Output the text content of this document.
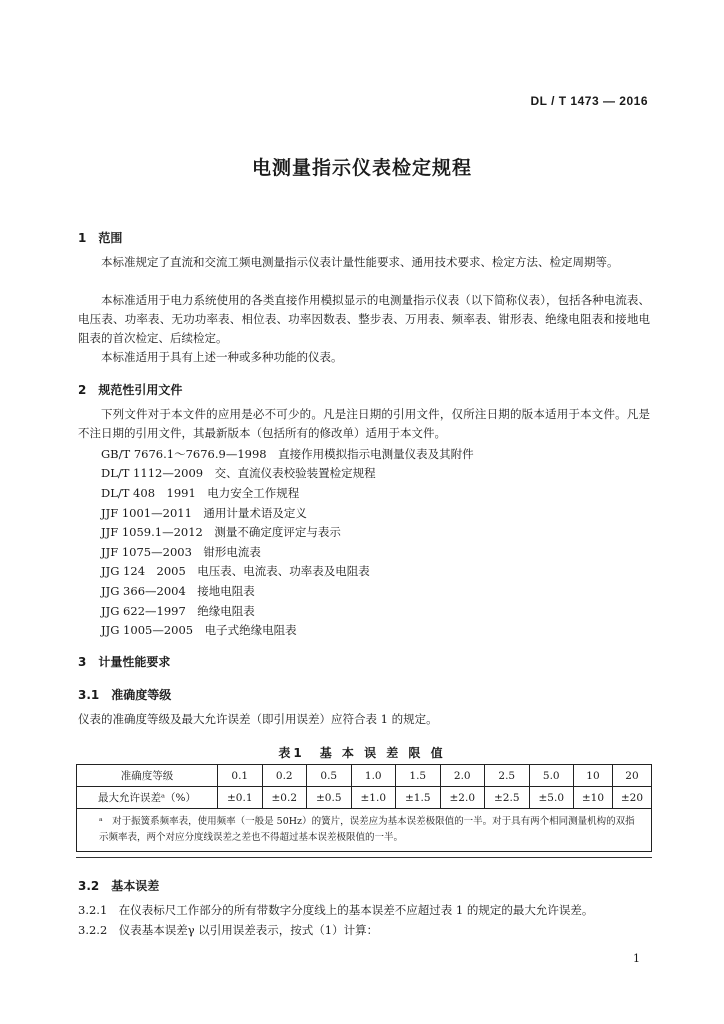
DL / T 1473 — 2016
电测量指示仪表检定规程
1　范围
本标准规定了直流和交流工频电测量指示仪表计量性能要求、通用技术要求、检定方法、检定周期等。
本标准适用于电力系统使用的各类直接作用模拟显示的电测量指示仪表（以下简称仪表），包括各种电流表、电压表、功率表、无功功率表、相位表、功率因数表、整步表、万用表、频率表、钳形表、绝缘电阻表和接地电阻表的首次检定、后续检定。
本标准适用于具有上述一种或多种功能的仪表。
2　规范性引用文件
下列文件对于本文件的应用是必不可少的。凡是注日期的引用文件，仅所注日期的版本适用于本文件。凡是不注日期的引用文件，其最新版本（包括所有的修改单）适用于本文件。
GB/T 7676.1～7676.9—1998　直接作用模拟指示电测量仪表及其附件
DL/T 1112—2009　交、直流仪表校验装置检定规程
DL/T 408　1991　电力安全工作规程
JJF 1001—2011　通用计量术语及定义
JJF 1059.1—2012　测量不确定度评定与表示
JJF 1075—2003　钳形电流表
JJG 124　2005　电压表、电流表、功率表及电阻表
JJG 366—2004　接地电阻表
JJG 622—1997　绝缘电阻表
JJG 1005—2005　电子式绝缘电阻表
3　计量性能要求
3.1　准确度等级
仪表的准确度等级及最大允许误差（即引用误差）应符合表 1 的规定。
表1　基 本 误 差 限 值
准确度等级	0.1	0.2	0.5	1.0	1.5	2.0	2.5	5.0	10	20
最大允许误差ᵃ（%）	±0.1	±0.2	±0.5	±1.0	±1.5	±2.0	±2.5	±5.0	±10	±20
ᵃ　对于振簧系频率表，使用频率（一般是 50Hz）的簧片，误差应为基本误差极限值的一半。对于具有两个相同测量机构的双指示频率表，两个对应分度线误差之差也不得超过基本误差极限值的一半。										
3.2　基本误差
3.2.1　在仪表标尺工作部分的所有带数字分度线上的基本误差不应超过表 1 的规定的最大允许误差。
3.2.2　仪表基本误差γ 以引用误差表示，按式（1）计算：
1
